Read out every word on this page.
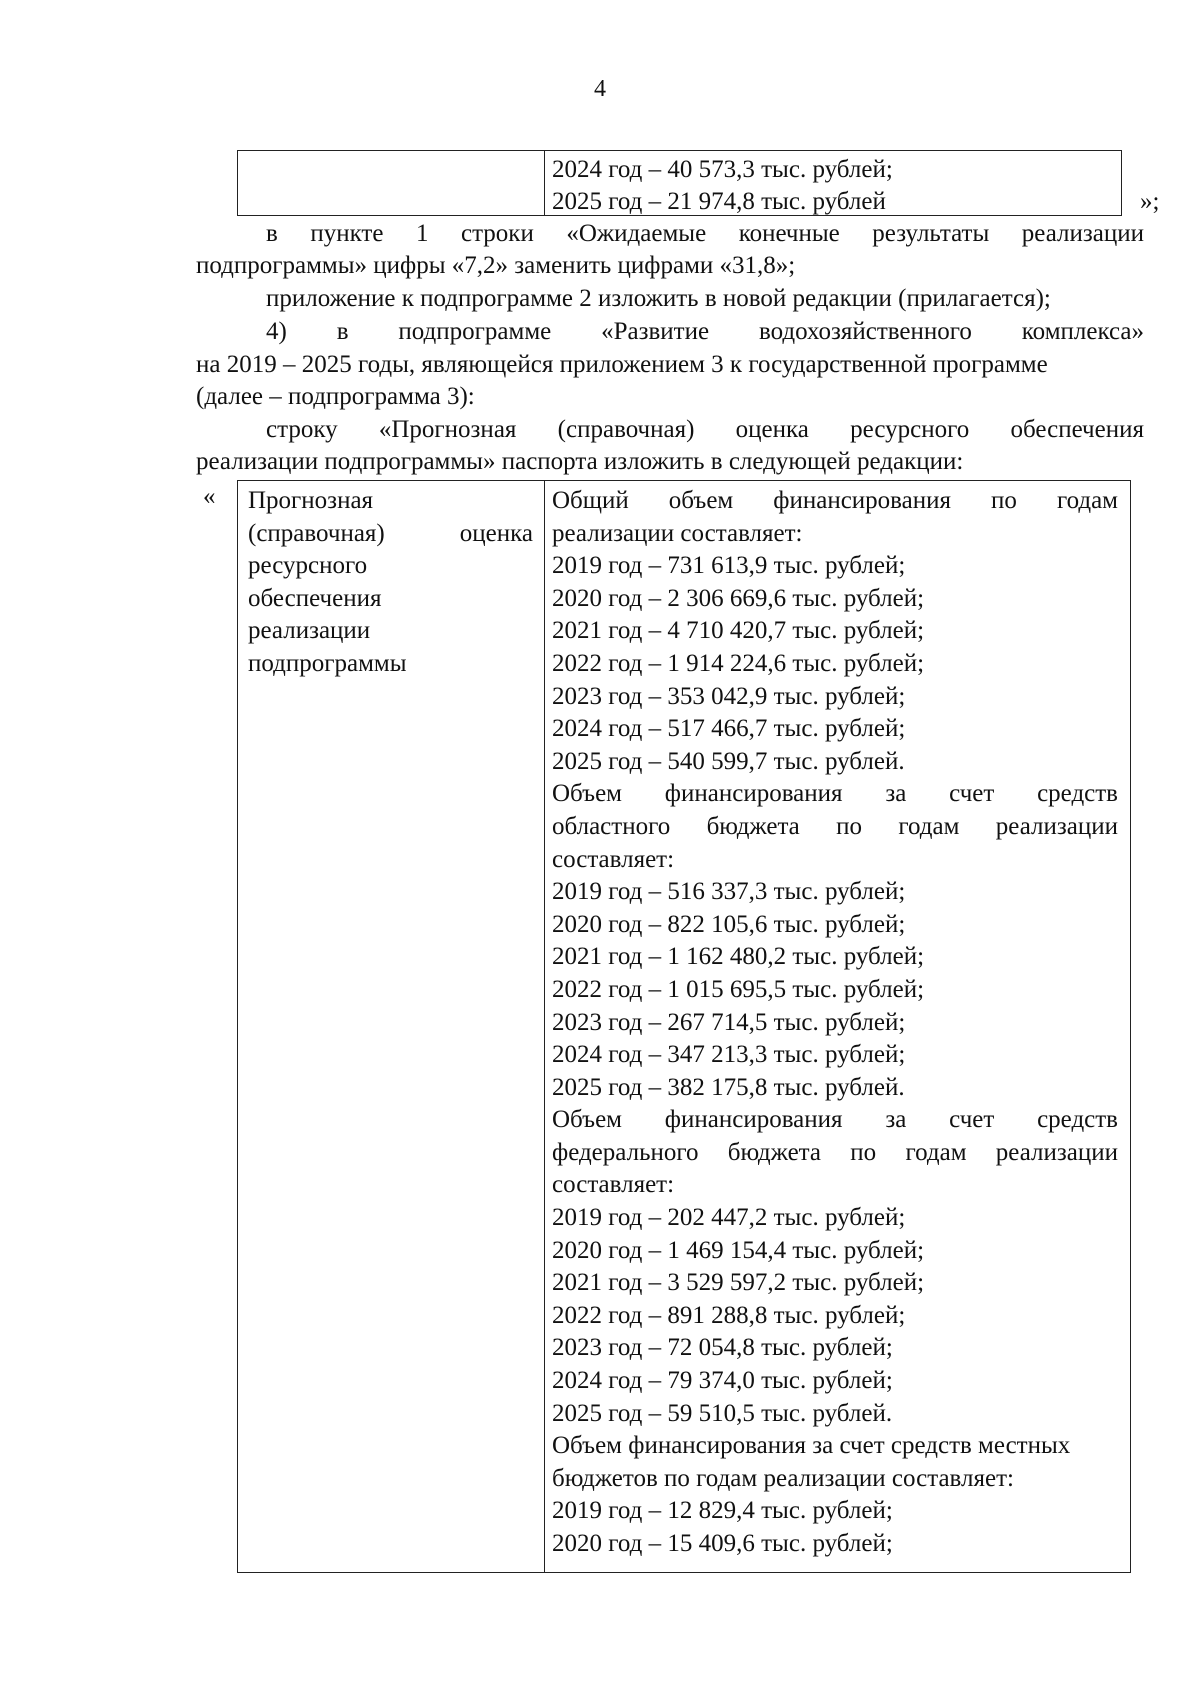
4
2024 год – 40 573,3 тыс. рублей;
2025 год – 21 974,8 тыс. рублей	»;

в пункте 1 строки «Ожидаемые конечные результаты реализации

подпрограммы» цифры «7,2» заменить цифрами «31,8»;

приложение к подпрограмме 2 изложить в новой редакции (прилагается);

4) в подпрограмме «Развитие водохозяйственного комплекса»

на 2019 – 2025 годы, являющейся приложением 3 к государственной программе

(далее – подпрограмма 3):

строку «Прогнозная (справочная) оценка ресурсного обеспечения

реализации подпрограммы» паспорта изложить в следующей редакции:

« Прогнозная
(справочная) оценка
ресурсного
обеспечения
реализации
подпрограммы
Общий объем финансирования по годам
реализации составляет:
2019 год – 731 613,9 тыс. рублей;
2020 год – 2 306 669,6 тыс. рублей;
2021 год – 4 710 420,7 тыс. рублей;
2022 год – 1 914 224,6 тыс. рублей;
2023 год – 353 042,9 тыс. рублей;
2024 год – 517 466,7 тыс. рублей;
2025 год – 540 599,7 тыс. рублей.
Объем финансирования за счет средств
областного бюджета по годам реализации
составляет:
2019 год – 516 337,3 тыс. рублей;
2020 год – 822 105,6 тыс. рублей;
2021 год – 1 162 480,2 тыс. рублей;
2022 год – 1 015 695,5 тыс. рублей;
2023 год – 267 714,5 тыс. рублей;
2024 год – 347 213,3 тыс. рублей;
2025 год – 382 175,8 тыс. рублей.
Объем финансирования за счет средств
федерального бюджета по годам реализации
составляет:
2019 год – 202 447,2 тыс. рублей;
2020 год – 1 469 154,4 тыс. рублей;
2021 год – 3 529 597,2 тыс. рублей;
2022 год – 891 288,8 тыс. рублей;
2023 год – 72 054,8 тыс. рублей;
2024 год – 79 374,0 тыс. рублей;
2025 год – 59 510,5 тыс. рублей.
Объем финансирования за счет средств местных
бюджетов по годам реализации составляет:
2019 год – 12 829,4 тыс. рублей;
2020 год – 15 409,6 тыс. рублей;
